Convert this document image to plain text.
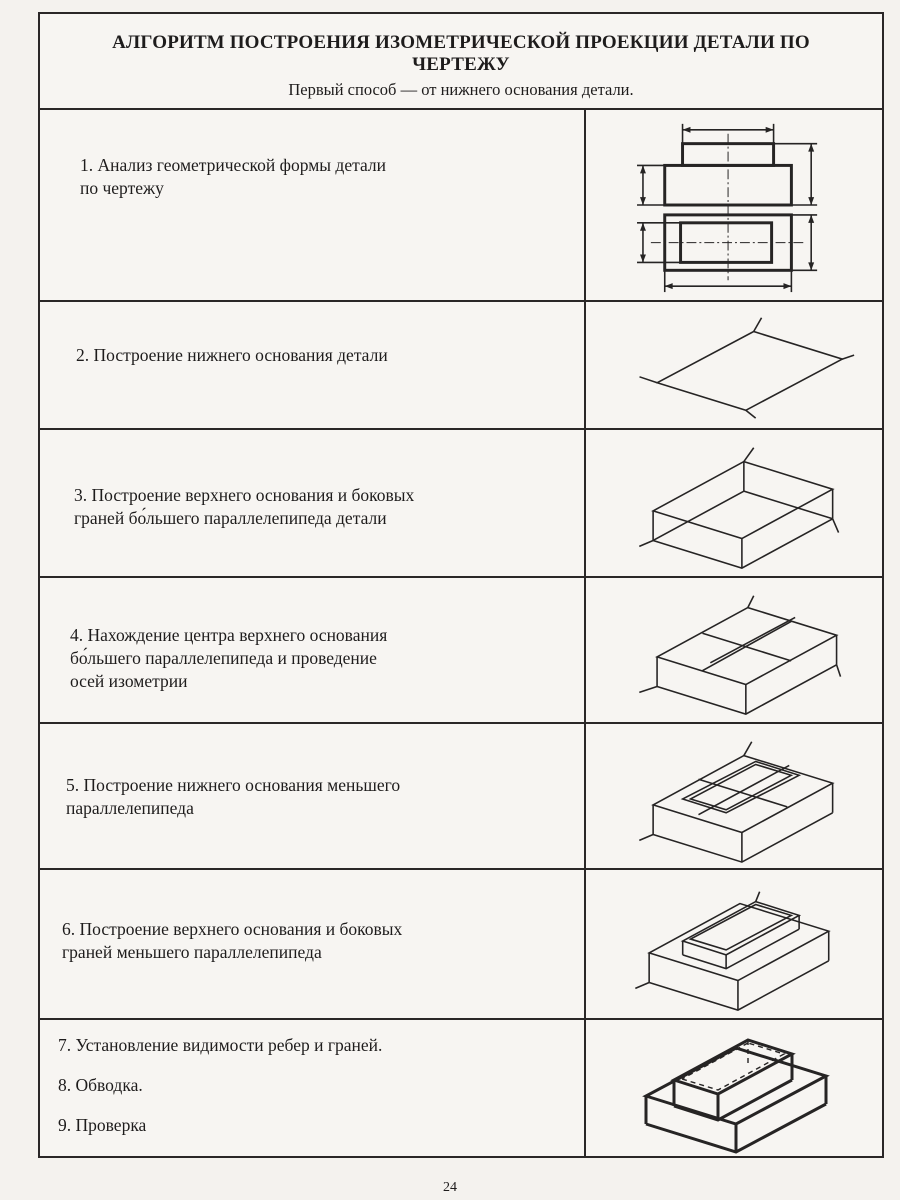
АЛГОРИТМ ПОСТРОЕНИЯ ИЗОМЕТРИЧЕСКОЙ ПРОЕКЦИИ ДЕТАЛИ ПО ЧЕРТЕЖУ
Первый способ — от нижнего основания детали.
1. Анализ геометрической формы детали
по чертежу
2. Построение нижнего основания детали
3. Построение верхнего основания и боковых
граней бо́льшего параллелепипеда детали
4. Нахождение центра верхнего основания
бо́льшего параллелепипеда и проведение
осей изометрии
5. Построение нижнего основания меньшего
параллелепипеда
6. Построение верхнего основания и боковых
граней меньшего параллелепипеда
7. Установление видимости ребер и граней.
8. Обводка.
9. Проверка
24
